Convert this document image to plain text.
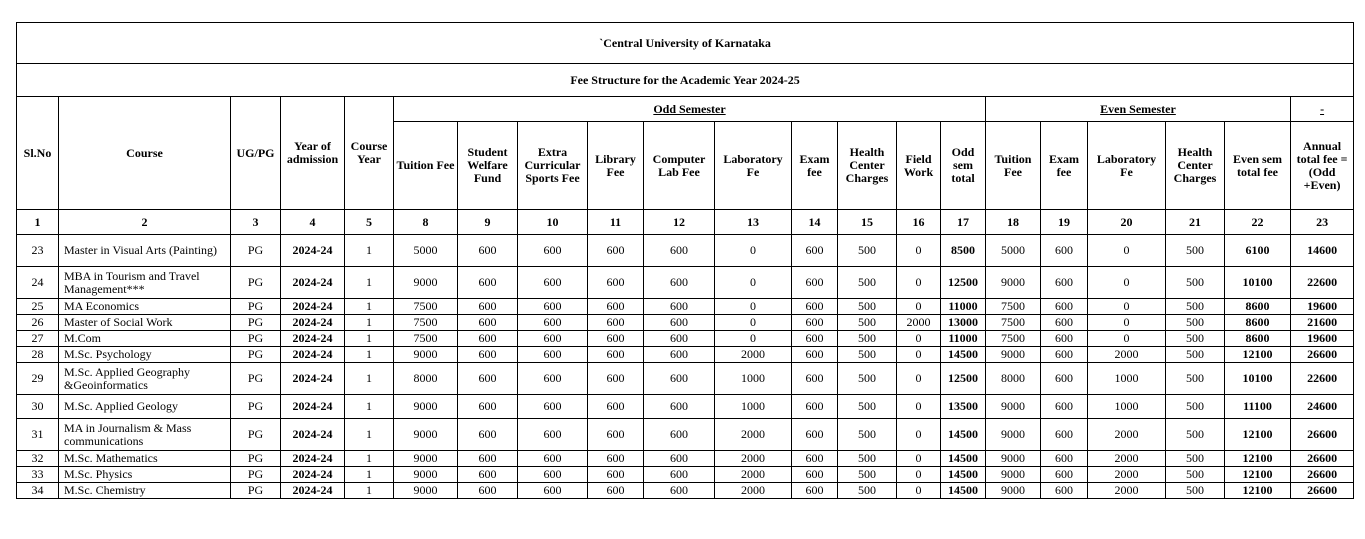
`Central University of Karnataka																				
Fee Structure for the Academic Year 2024-25																				
Sl.No	Course	UG/PG	Year of admission	Course Year	Odd Semester										Even Semester					-
					Tuition Fee	Student Welfare Fund	Extra Curricular Sports Fee	Library Fee	Computer Lab Fee	Laboratory Fe	Exam fee	Health Center Charges	Field Work	Odd sem total	Tuition Fee	Exam fee	Laboratory Fe	Health Center Charges	Even sem total fee	Annual total fee = (Odd +Even)
1	2	3	4	5	8	9	10	11	12	13	14	15	16	17	18	19	20	21	22	23
23	Master in Visual Arts (Painting)	PG	2024-24	1	5000	600	600	600	600	0	600	500	0	8500	5000	600	0	500	6100	14600
24	MBA in Tourism and Travel Management***	PG	2024-24	1	9000	600	600	600	600	0	600	500	0	12500	9000	600	0	500	10100	22600
25	MA Economics	PG	2024-24	1	7500	600	600	600	600	0	600	500	0	11000	7500	600	0	500	8600	19600
26	Master of Social Work	PG	2024-24	1	7500	600	600	600	600	0	600	500	2000	13000	7500	600	0	500	8600	21600
27	M.Com	PG	2024-24	1	7500	600	600	600	600	0	600	500	0	11000	7500	600	0	500	8600	19600
28	M.Sc. Psychology	PG	2024-24	1	9000	600	600	600	600	2000	600	500	0	14500	9000	600	2000	500	12100	26600
29	M.Sc. Applied Geography &Geoinformatics	PG	2024-24	1	8000	600	600	600	600	1000	600	500	0	12500	8000	600	1000	500	10100	22600
30	M.Sc. Applied Geology	PG	2024-24	1	9000	600	600	600	600	1000	600	500	0	13500	9000	600	1000	500	11100	24600
31	MA in Journalism & Mass communications	PG	2024-24	1	9000	600	600	600	600	2000	600	500	0	14500	9000	600	2000	500	12100	26600
32	M.Sc. Mathematics	PG	2024-24	1	9000	600	600	600	600	2000	600	500	0	14500	9000	600	2000	500	12100	26600
33	M.Sc. Physics	PG	2024-24	1	9000	600	600	600	600	2000	600	500	0	14500	9000	600	2000	500	12100	26600
34	M.Sc. Chemistry	PG	2024-24	1	9000	600	600	600	600	2000	600	500	0	14500	9000	600	2000	500	12100	26600
